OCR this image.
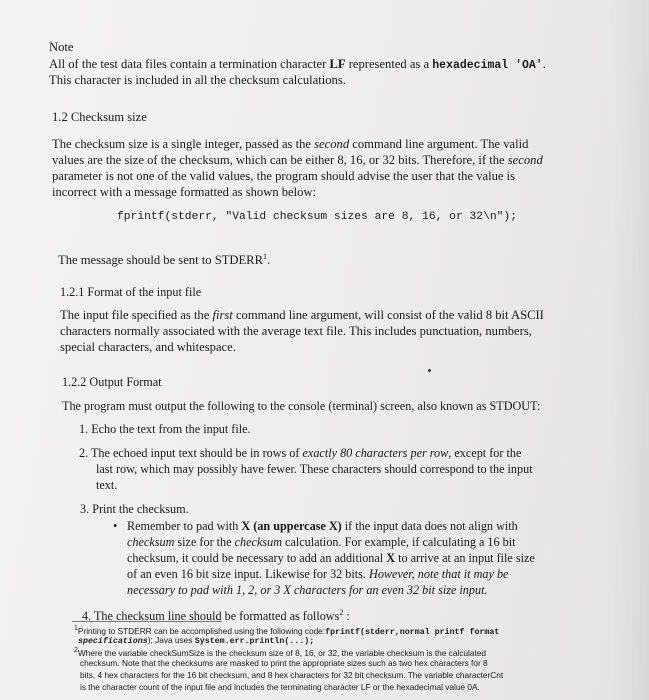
Note
All of the test data files contain a termination character LF represented as a hexadecimal 'OA'.
This character is included in all the checksum calculations.
1.2 Checksum size
The checksum size is a single integer, passed as the second command line argument. The valid
values are the size of the checksum, which can be either 8, 16, or 32 bits. Therefore, if the second
parameter is not one of the valid values, the program should advise the user that the value is
incorrect with a message formatted as shown below:
fprintf(stderr, "Valid checksum sizes are 8, 16, or 32\n");
The message should be sent to STDERR$^1$.
1.2.1 Format of the input file
The input file specified as the first command line argument, will consist of the valid 8 bit ASCII
characters normally associated with the average text file. This includes punctuation, numbers,
special characters, and whitespace.
1.2.2 Output Format
The program must output the following to the console (terminal) screen, also known as STDOUT:
1. Echo the text from the input file.
2. The echoed input text should be in rows of exactly 80 characters per row, except for the
last row, which may possibly have fewer. These characters should correspond to the input
text.
3. Print the checksum.
• Remember to pad with X (an uppercase X) if the input data does not align with
checksum size for the checksum calculation. For example, if calculating a 16 bit
checksum, it could be necessary to add an additional X to arrive at an input file size
of an even 16 bit size input. Likewise for 32 bits. However, note that it may be
necessary to pad with 1, 2, or 3 X characters for an even 32 bit size input.
4. The checksum line should be formatted as follows$^2$ :
$^1$Printing to STDERR can be accomplished using the following code:fprintf(stderr,normal printf format
specifications); Java uses System.err.println(...);
$^2$Where the variable checkSumSize is the checksum size of 8, 16, or 32, the variable checksum is the calculated
checksum. Note that the checksums are masked to print the appropriate sizes such as two hex characters for 8
bits, 4 hex characters for the 16 bit checksum, and 8 hex characters for 32 bit checksum. The variable characterCnt
is the character count of the input file and includes the terminating character LF or the hexadecimal value 0A.
